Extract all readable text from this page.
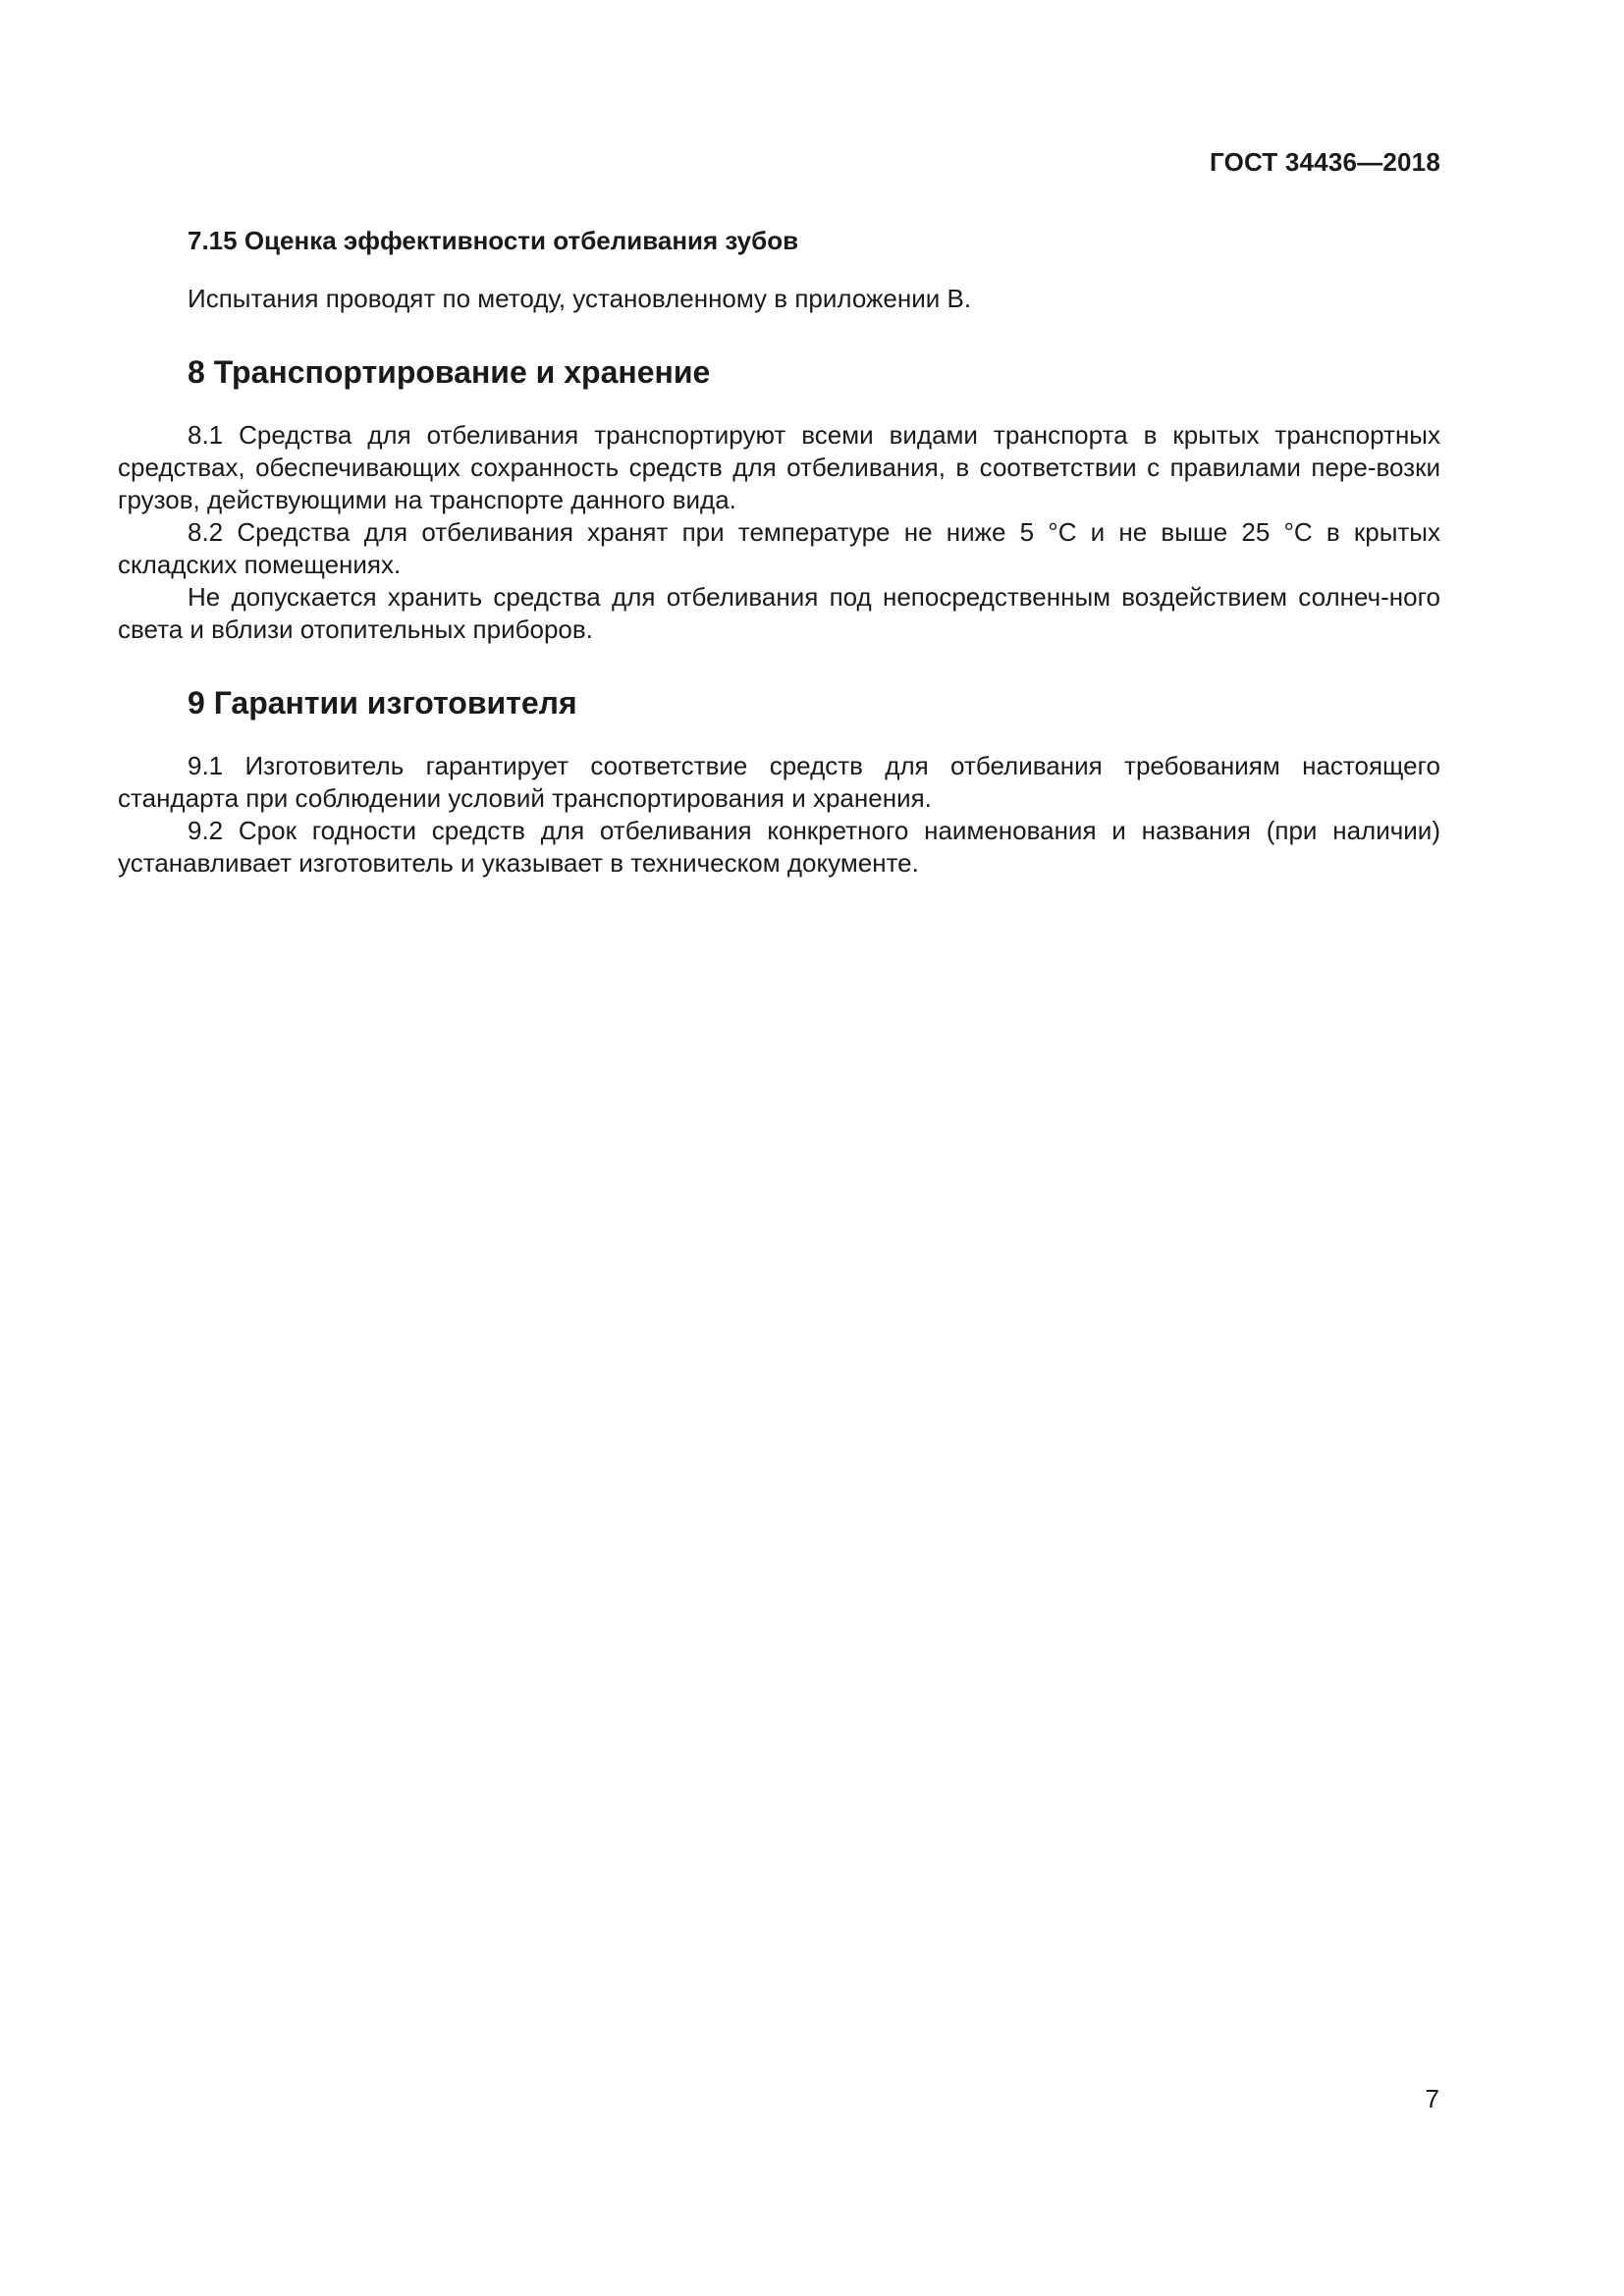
ГОСТ 34436—2018
7.15 Оценка эффективности отбеливания зубов

Испытания проводят по методу, установленному в приложении В.

8 Транспортирование и хранение

8.1 Средства для отбеливания транспортируют всеми видами транспорта в крытых транспортных средствах, обеспечивающих сохранность средств для отбеливания, в соответствии с правилами пере-возки грузов, действующими на транспорте данного вида.

8.2 Средства для отбеливания хранят при температуре не ниже 5 °С и не выше 25 °С в крытых складских помещениях.

Не допускается хранить средства для отбеливания под непосредственным воздействием солнеч-ного света и вблизи отопительных приборов.

9 Гарантии изготовителя

9.1 Изготовитель гарантирует соответствие средств для отбеливания требованиям настоящего стандарта при соблюдении условий транспортирования и хранения.

9.2 Срок годности средств для отбеливания конкретного наименования и названия (при наличии) устанавливает изготовитель и указывает в техническом документе.

7
